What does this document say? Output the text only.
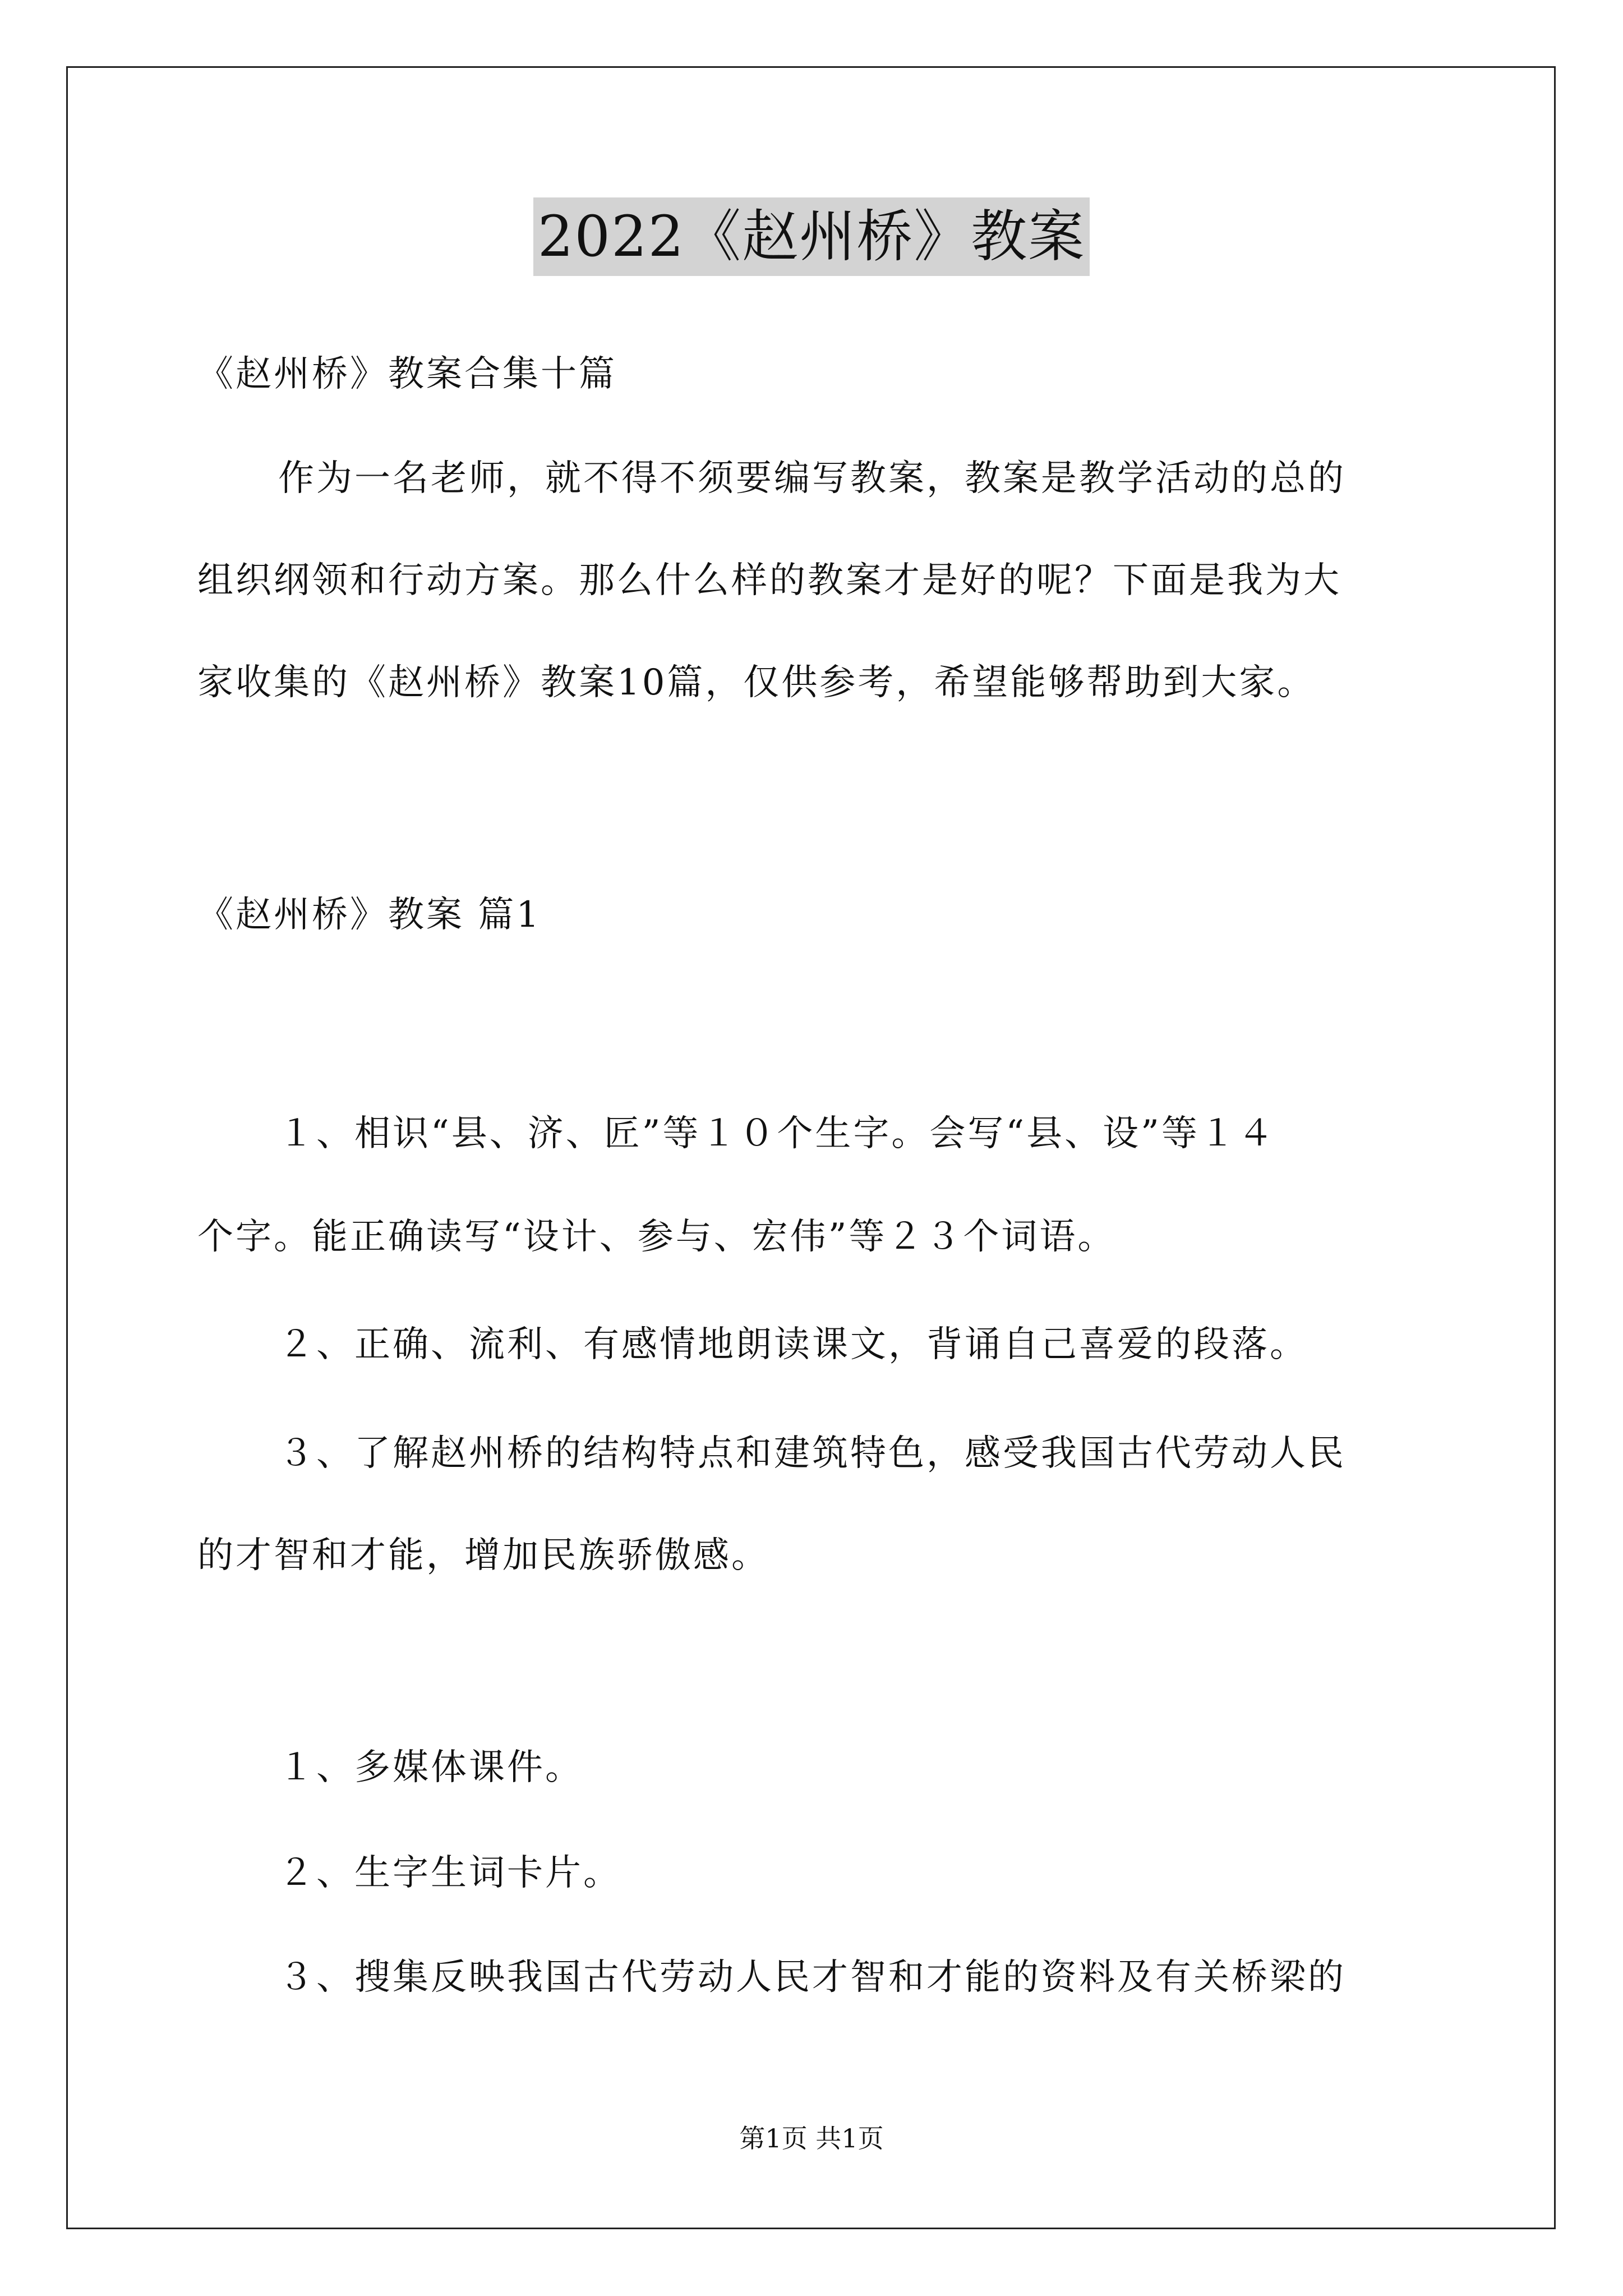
2022《赵州桥》教案
《赵州桥》教案合集十篇
作为一名老师，就不得不须要编写教案，教案是教学活动的总的
组织纲领和行动方案。那么什么样的教案才是好的呢？下面是我为大
家收集的《赵州桥》教案10篇，仅供参考，希望能够帮助到大家。
《赵州桥》教案 篇1
１、相识“县、济、匠”等１０个生字。会写“县、设”等１４
个字。能正确读写“设计、参与、宏伟”等２３个词语。
２、正确、流利、有感情地朗读课文，背诵自己喜爱的段落。
３、了解赵州桥的结构特点和建筑特色，感受我国古代劳动人民
的才智和才能，增加民族骄傲感。
１、多媒体课件。
２、生字生词卡片。
３、搜集反映我国古代劳动人民才智和才能的资料及有关桥梁的
第1页 共1页
